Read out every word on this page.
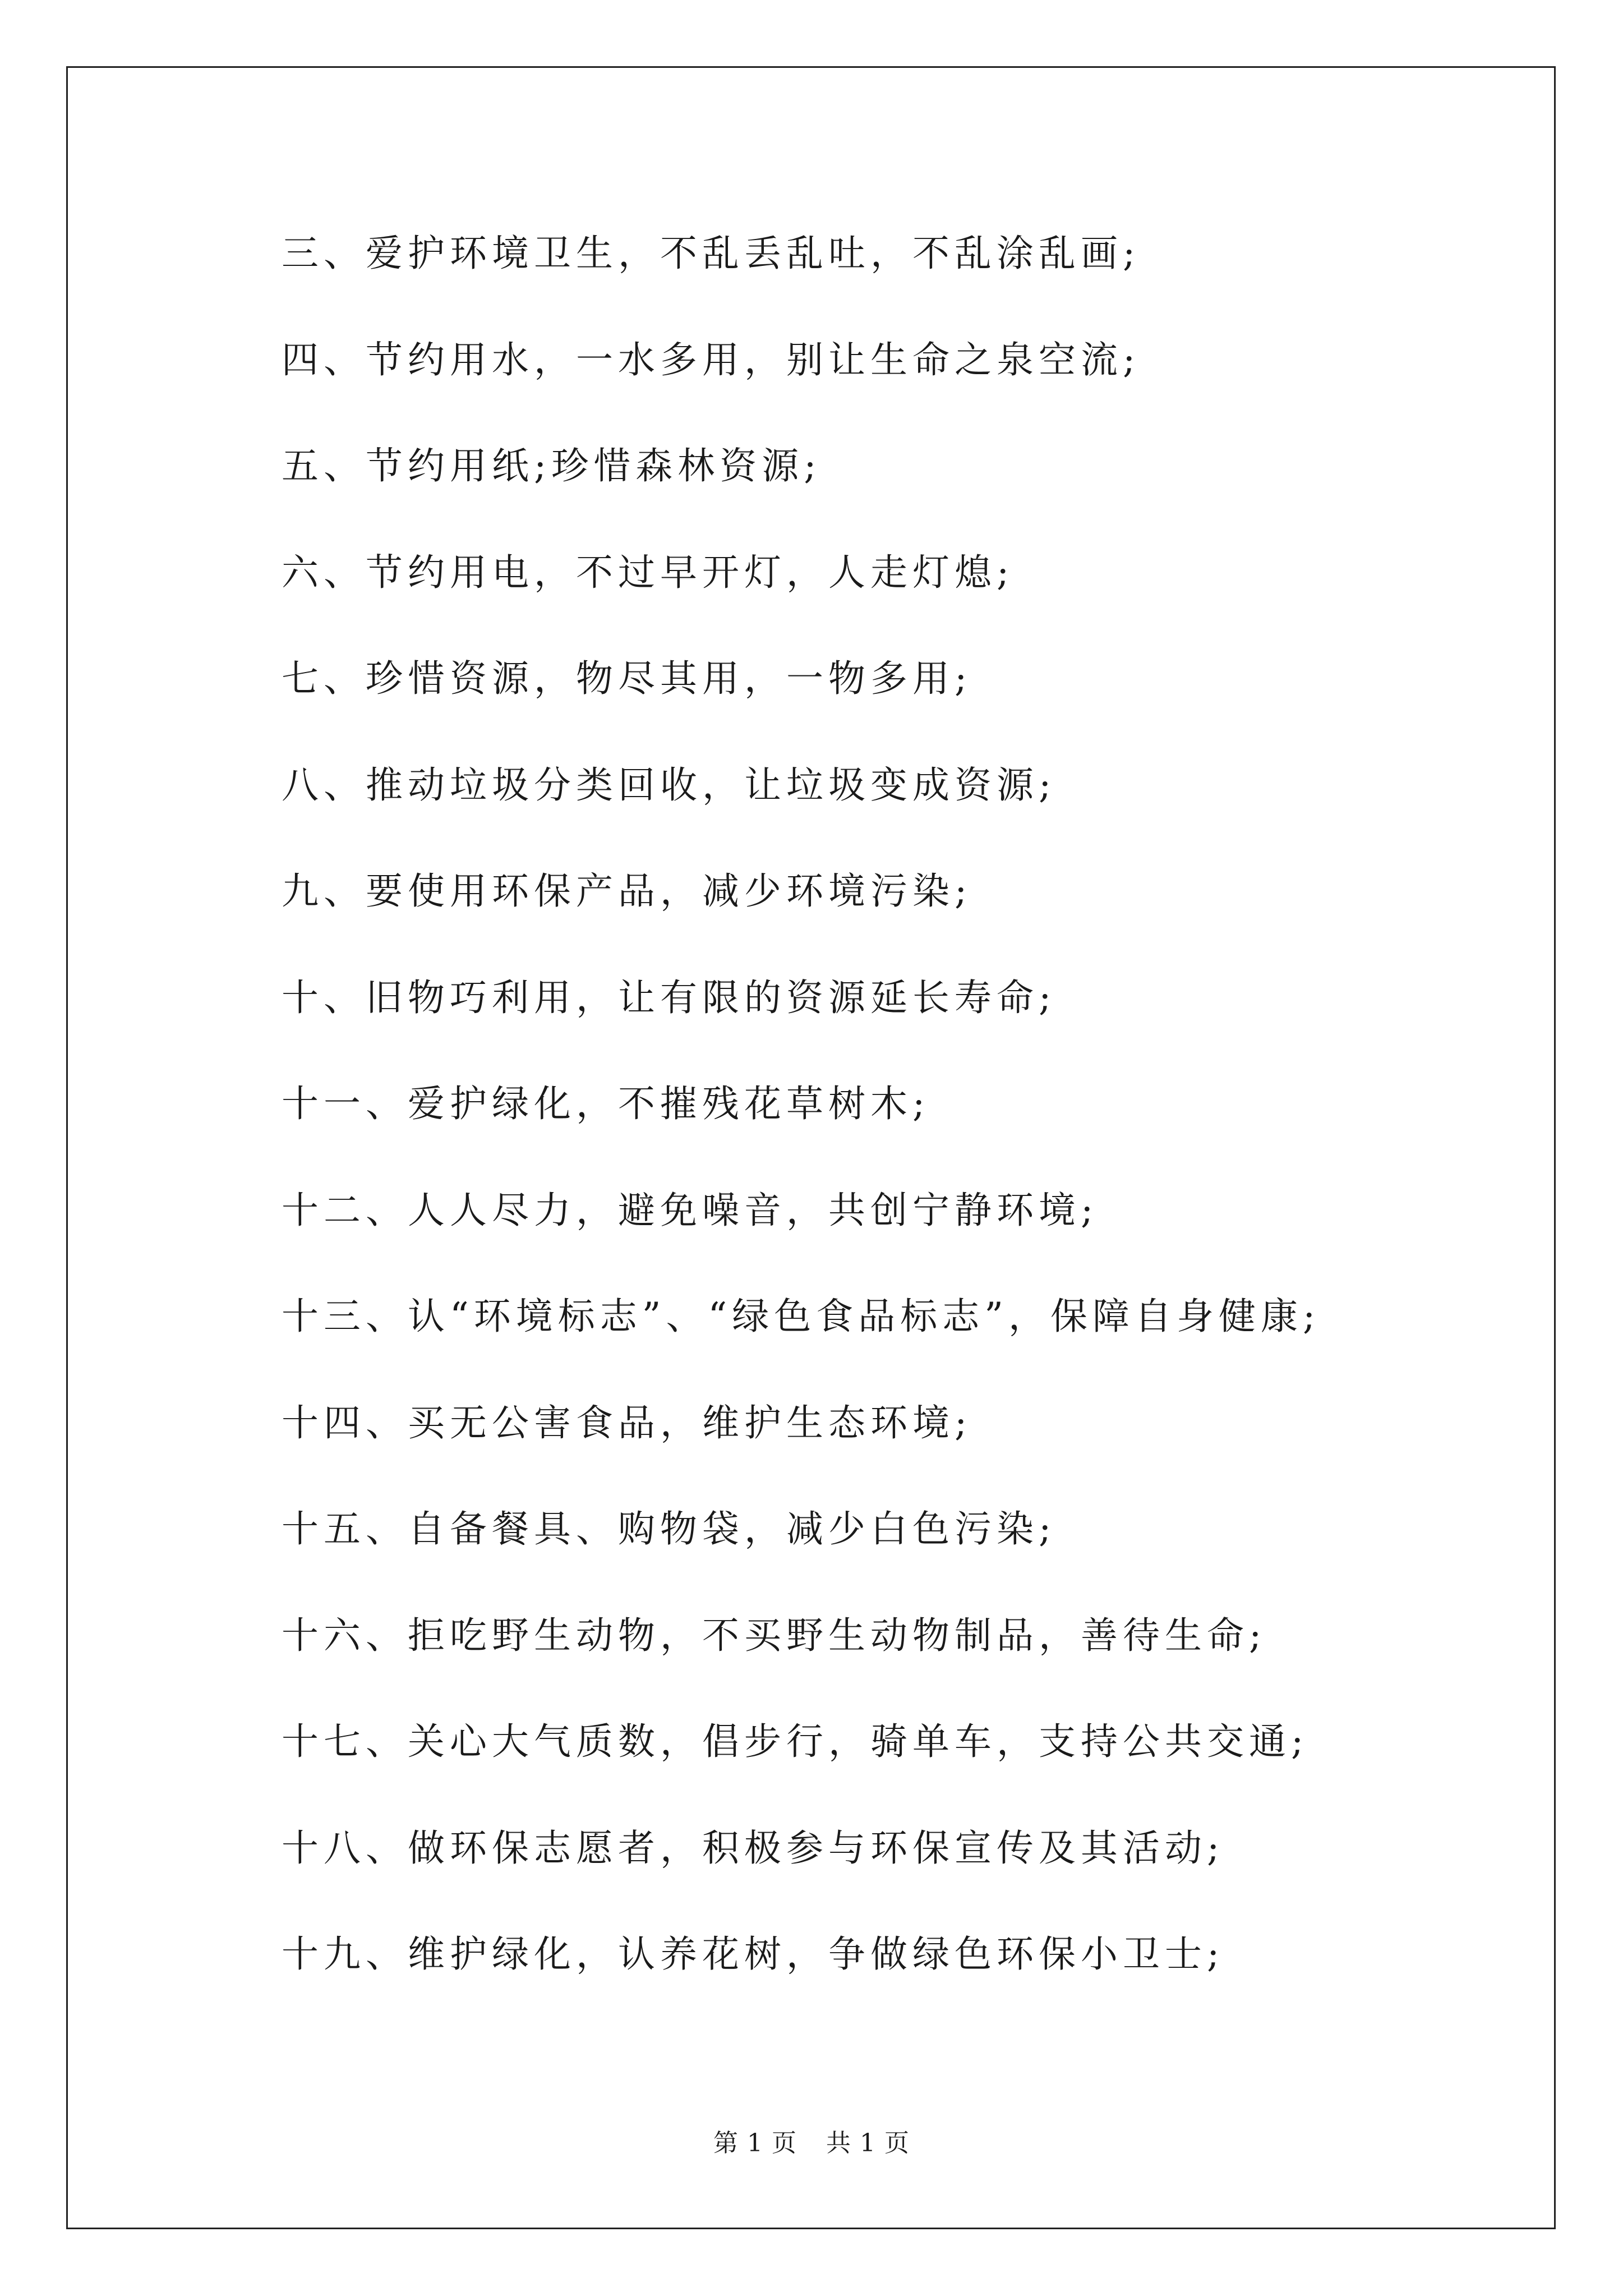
三、爱护环境卫生，不乱丢乱吐，不乱涂乱画;
四、节约用水，一水多用，别让生命之泉空流;
五、节约用纸;珍惜森林资源;
六、节约用电，不过早开灯，人走灯熄;
七、珍惜资源，物尽其用，一物多用;
八、推动垃圾分类回收，让垃圾变成资源;
九、要使用环保产品，减少环境污染;
十、旧物巧利用，让有限的资源延长寿命;
十一、爱护绿化，不摧残花草树木;
十二、人人尽力，避免噪音，共创宁静环境;
十三、认“环境标志”、“绿色食品标志”，保障自身健康;
十四、买无公害食品，维护生态环境;
十五、自备餐具、购物袋，减少白色污染;
十六、拒吃野生动物，不买野生动物制品，善待生命;
十七、关心大气质数，倡步行，骑单车，支持公共交通;
十八、做环保志愿者，积极参与环保宣传及其活动;
十九、维护绿化，认养花树，争做绿色环保小卫士;
第 1 页 共 1 页
